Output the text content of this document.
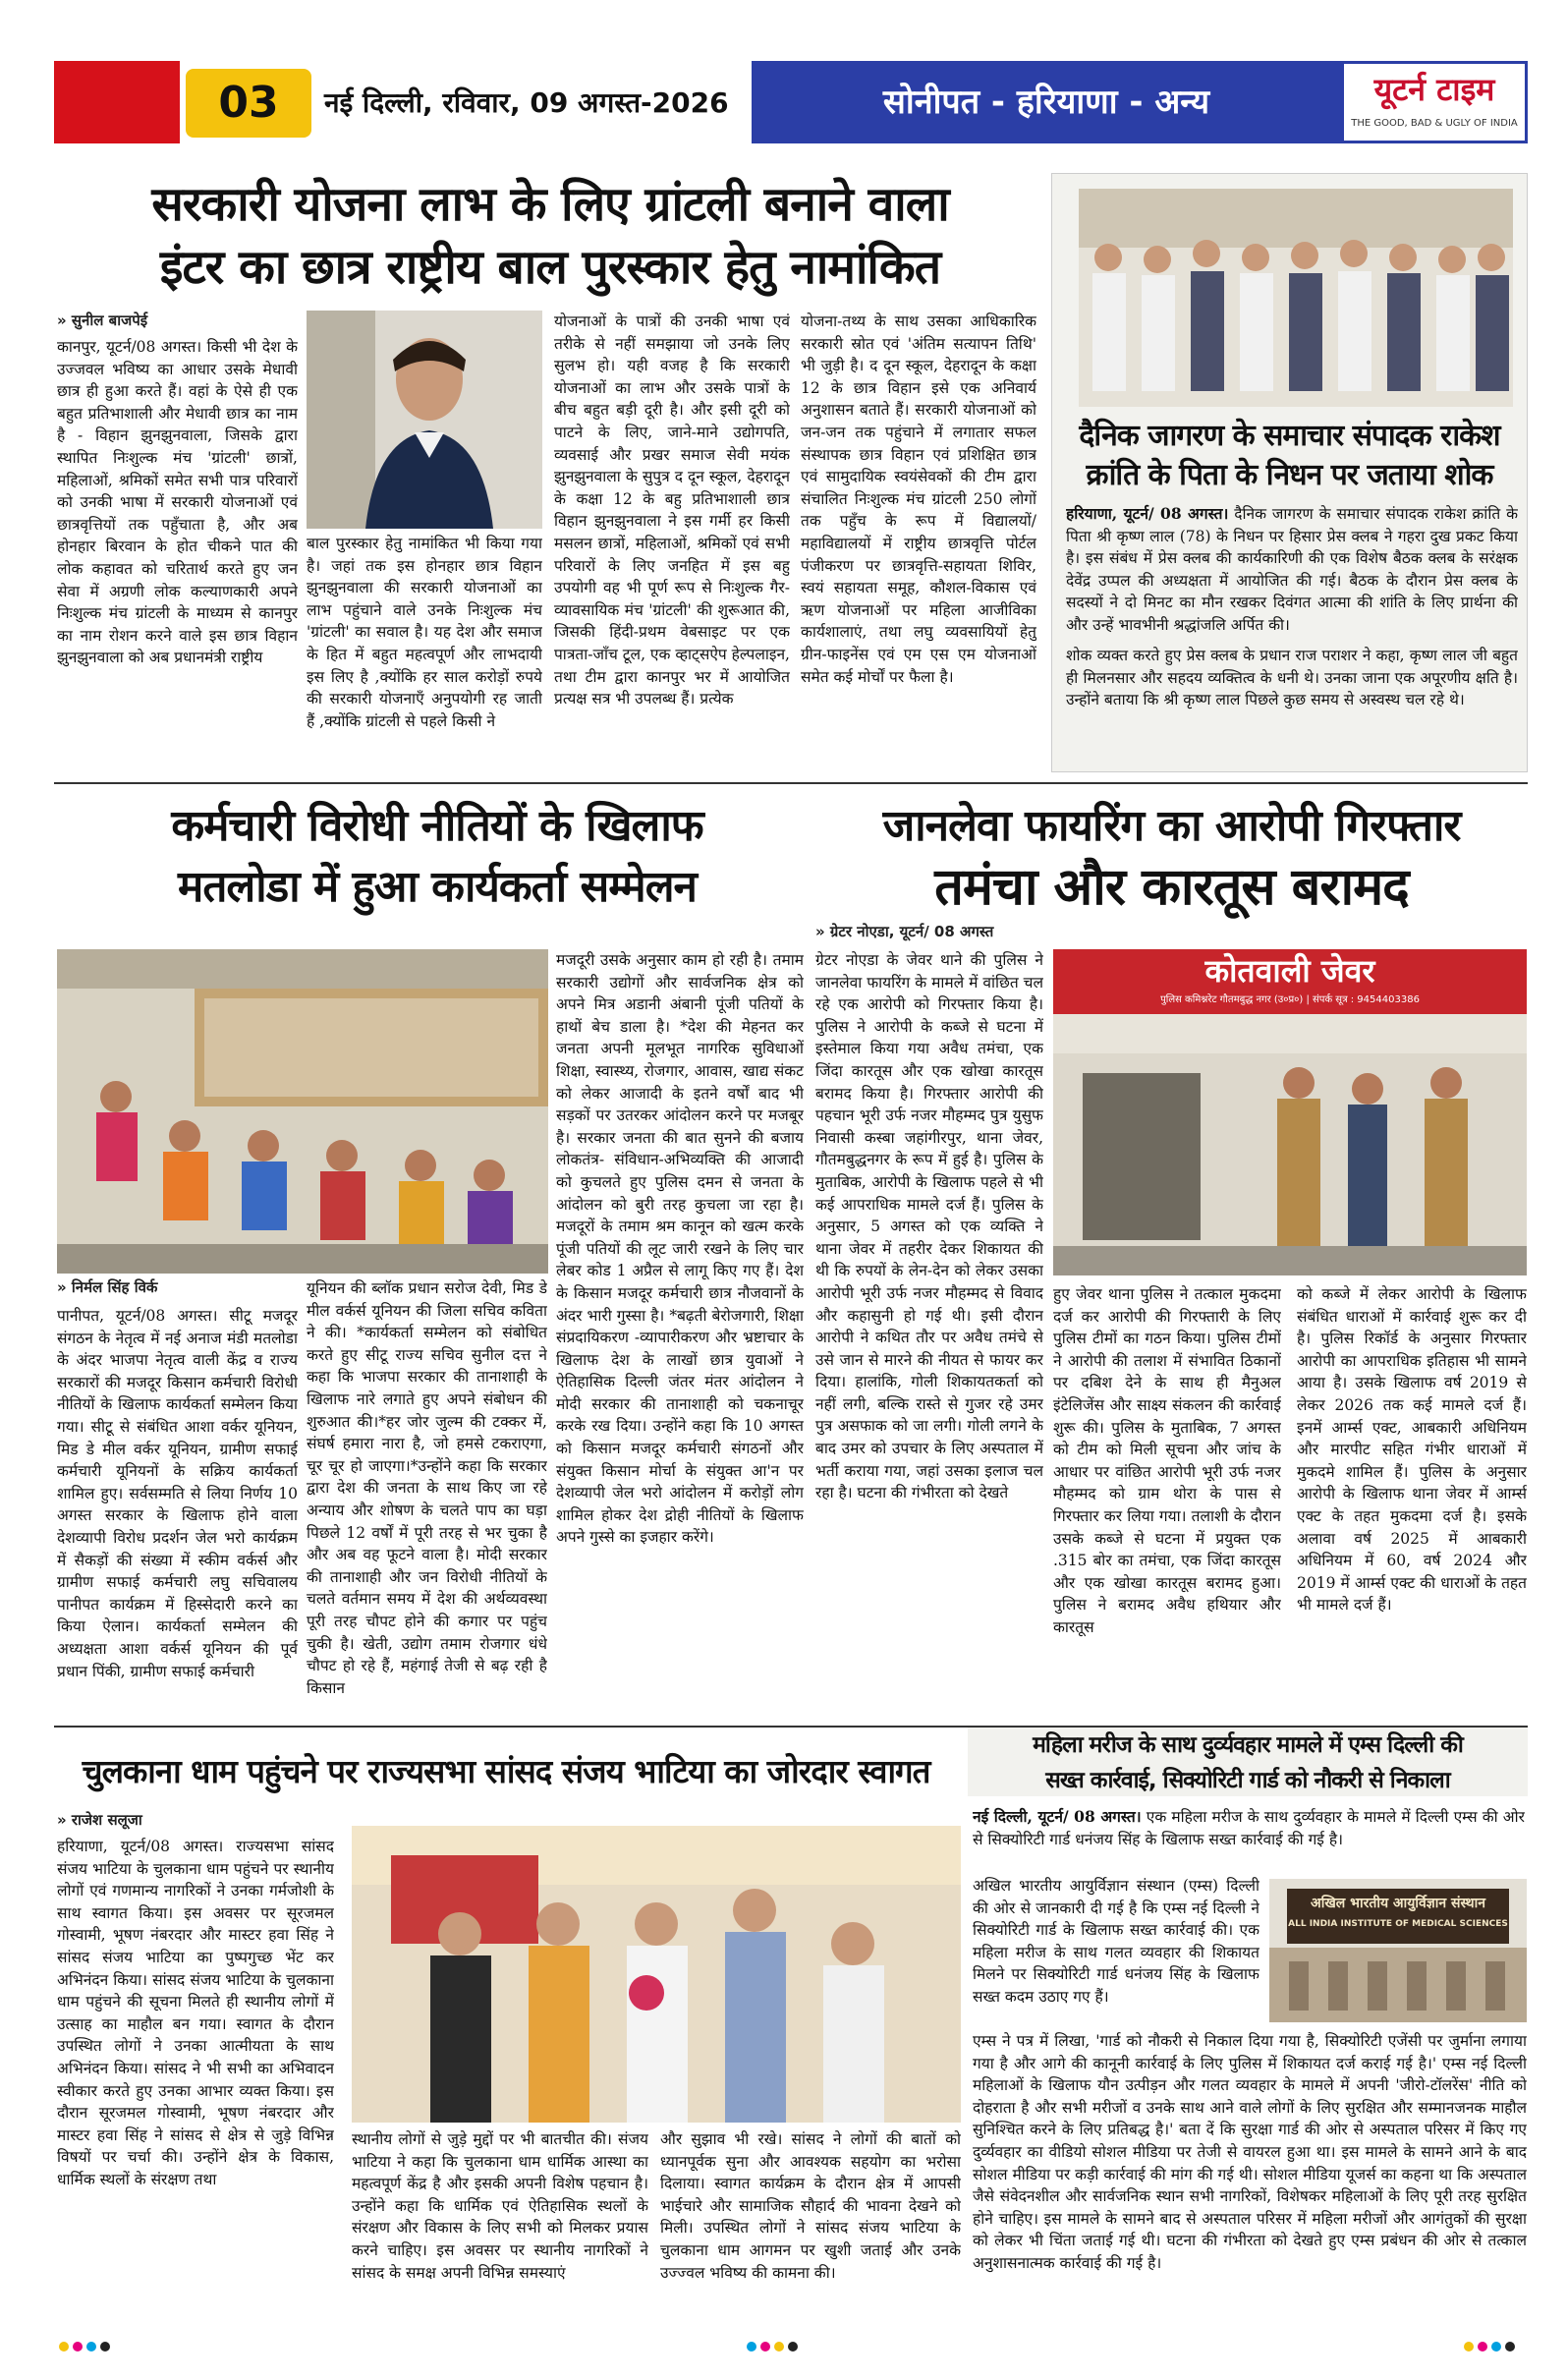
03	नई दिल्ली, रविवार, 09 अगस्त-2026	सोनीपत - हरियाणा - अन्य	यूटर्न टाइम
THE GOOD, BAD & UGLY OF INDIA
सरकारी योजना लाभ के लिए ग्रांटली बनाने वाला
इंटर का छात्र राष्ट्रीय बाल पुरस्कार हेतु नामांकित
» सुनील बाजपेई
कानपुर, यूटर्न/08 अगस्त। किसी भी देश के उज्जवल भविष्य का आधार उसके मेधावी छात्र ही हुआ करते हैं। वहां के ऐसे ही एक बहुत प्रतिभाशाली और मेधावी छात्र का नाम है - विहान झुनझुनवाला, जिसके द्वारा स्थापित निःशुल्क मंच 'ग्रांटली' छात्रों, महिलाओं, श्रमिकों समेत सभी पात्र परिवारों को उनकी भाषा में सरकारी योजनाओं एवं छात्रवृत्तियों तक पहुँचाता है, और अब होनहार बिरवान के होत चीकने पात की लोक कहावत को चरितार्थ करते हुए जन सेवा में अग्रणी लोक कल्याणकारी अपने निःशुल्क मंच ग्रांटली के माध्यम से कानपुर का नाम रोशन करने वाले इस छात्र विहान झुनझुनवाला को अब प्रधानमंत्री राष्ट्रीय
बाल पुरस्कार हेतु नामांकित भी किया गया है। जहां तक इस होनहार छात्र विहान झुनझुनवाला की सरकारी योजनाओं का लाभ पहुंचाने वाले उनके निःशुल्क मंच 'ग्रांटली' का सवाल है। यह देश और समाज के हित में बहुत महत्वपूर्ण और लाभदायी इस लिए है ,क्योंकि हर साल करोड़ों रुपये की सरकारी योजनाएँ अनुपयोगी रह जाती हैं ,क्योंकि ग्रांटली से पहले किसी ने
योजनाओं के पात्रों की उनकी भाषा एवं तरीके से नहीं समझाया जो उनके लिए सुलभ हो। यही वजह है कि सरकारी योजनाओं का लाभ और उसके पात्रों के बीच बहुत बड़ी दूरी है। और इसी दूरी को पाटने के लिए, जाने-माने उद्योगपति, व्यवसाई और प्रखर समाज सेवी मयंक झुनझुनवाला के सुपुत्र द दून स्कूल, देहरादून के कक्षा 12 के बहु प्रतिभाशाली छात्र विहान झुनझुनवाला ने इस गर्मी हर किसी मसलन छात्रों, महिलाओं, श्रमिकों एवं सभी परिवारों के लिए जनहित में इस बहु उपयोगी वह भी पूर्ण रूप से निःशुल्क गैर-व्यावसायिक मंच 'ग्रांटली' की शुरूआत की, जिसकी हिंदी-प्रथम वेबसाइट पर एक पात्रता-जाँच टूल, एक व्हाट्सऐप हेल्पलाइन, तथा टीम द्वारा कानपुर भर में आयोजित प्रत्यक्ष सत्र भी उपलब्ध हैं। प्रत्येक
योजना-तथ्य के साथ उसका आधिकारिक सरकारी स्रोत एवं 'अंतिम सत्यापन तिथि' भी जुड़ी है। द दून स्कूल, देहरादून के कक्षा 12 के छात्र विहान इसे एक अनिवार्य अनुशासन बताते हैं। सरकारी योजनाओं को जन-जन तक पहुंचाने में लगातार सफल संस्थापक छात्र विहान एवं प्रशिक्षित छात्र एवं सामुदायिक स्वयंसेवकों की टीम द्वारा संचालित निःशुल्क मंच ग्रांटली 250 लोगों तक पहुँच के रूप में विद्यालयों/महाविद्यालयों में राष्ट्रीय छात्रवृत्ति पोर्टल पंजीकरण पर छात्रवृत्ति-सहायता शिविर, स्वयं सहायता समूह, कौशल-विकास एवं ऋण योजनाओं पर महिला आजीविका कार्यशालाएं, तथा लघु व्यवसायियों हेतु ग्रीन-फाइनेंस एवं एम एस एम योजनाओं समेत कई मोर्चों पर फैला है।
दैनिक जागरण के समाचार संपादक राकेश
क्रांति के पिता के निधन पर जताया शोक
हरियाणा, यूटर्न/ 08 अगस्त। दैनिक जागरण के समाचार संपादक राकेश क्रांति के पिता श्री कृष्ण लाल (78) के निधन पर हिसार प्रेस क्लब ने गहरा दुख प्रकट किया है। इस संबंध में प्रेस क्लब की कार्यकारिणी की एक विशेष बैठक क्लब के सरंक्षक देवेंद्र उप्पल की अध्यक्षता में आयोजित की गई। बैठक के दौरान प्रेस क्लब के सदस्यों ने दो मिनट का मौन रखकर दिवंगत आत्मा की शांति के लिए प्रार्थना की और उन्हें भावभीनी श्रद्धांजलि अर्पित की।
शोक व्यक्त करते हुए प्रेस क्लब के प्रधान राज पराशर ने कहा, कृष्ण लाल जी बहुत ही मिलनसार और सहदय व्यक्तित्व के धनी थे। उनका जाना एक अपूरणीय क्षति है। उन्होंने बताया कि श्री कृष्ण लाल पिछले कुछ समय से अस्वस्थ चल रहे थे।
कर्मचारी विरोधी नीतियों के खिलाफ
मतलोडा में हुआ कार्यकर्ता सम्मेलन
» निर्मल सिंह विर्क
पानीपत, यूटर्न/08 अगस्त। सीटू मजदूर संगठन के नेतृत्व में नई अनाज मंडी मतलोडा के अंदर भाजपा नेतृत्व वाली केंद्र व राज्य सरकारों की मजदूर किसान कर्मचारी विरोधी नीतियों के खिलाफ कार्यकर्ता सम्मेलन किया गया। सीटू से संबंधित आशा वर्कर यूनियन, मिड डे मील वर्कर यूनियन, ग्रामीण सफाई कर्मचारी यूनियनों के सक्रिय कार्यकर्ता शामिल हुए। सर्वसम्मति से लिया निर्णय 10 अगस्त सरकार के खिलाफ होने वाला देशव्यापी विरोध प्रदर्शन जेल भरो कार्यक्रम में सैकड़ों की संख्या में स्कीम वर्कर्स और ग्रामीण सफाई कर्मचारी लघु सचिवालय पानीपत कार्यक्रम में हिस्सेदारी करने का किया ऐलान। कार्यकर्ता सम्मेलन की अध्यक्षता आशा वर्कर्स यूनियन की पूर्व प्रधान पिंकी, ग्रामीण सफाई कर्मचारी
यूनियन की ब्लॉक प्रधान सरोज देवी, मिड डे मील वर्कर्स यूनियन की जिला सचिव कविता ने की। *कार्यकर्ता सम्मेलन को संबोधित करते हुए सीटू राज्य सचिव सुनील दत्त ने कहा कि भाजपा सरकार की तानाशाही के खिलाफ नारे लगाते हुए अपने संबोधन की शुरुआत की।*हर जोर जुल्म की टक्कर में, संघर्ष हमारा नारा है, जो हमसे टकराएगा, चूर चूर हो जाएगा।*उन्होंने कहा कि सरकार द्वारा देश की जनता के साथ किए जा रहे अन्याय और शोषण के चलते पाप का घड़ा पिछले 12 वर्षों में पूरी तरह से भर चुका है और अब वह फूटने वाला है। मोदी सरकार की तानाशाही और जन विरोधी नीतियों के चलते वर्तमान समय में देश की अर्थव्यवस्था पूरी तरह चौपट होने की कगार पर पहुंच चुकी है। खेती, उद्योग तमाम रोजगार धंधे चौपट हो रहे हैं, महंगाई तेजी से बढ़ रही है किसान
मजदूरी उसके अनुसार काम हो रही है। तमाम सरकारी उद्योगों और सार्वजनिक क्षेत्र को अपने मित्र अडानी अंबानी पूंजी पतियों के हाथों बेच डाला है। *देश की मेहनत कर जनता अपनी मूलभूत नागरिक सुविधाओं शिक्षा, स्वास्थ्य, रोजगार, आवास, खाद्य संकट को लेकर आजादी के इतने वर्षों बाद भी सड़कों पर उतरकर आंदोलन करने पर मजबूर है। सरकार जनता की बात सुनने की बजाय लोकतंत्र- संविधान-अभिव्यक्ति की आजादी को कुचलते हुए पुलिस दमन से जनता के आंदोलन को बुरी तरह कुचला जा रहा है। मजदूरों के तमाम श्रम कानून को खत्म करके पूंजी पतियों की लूट जारी रखने के लिए चार लेबर कोड 1 अप्रैल से लागू किए गए हैं। देश के किसान मजदूर कर्मचारी छात्र नौजवानों के अंदर भारी गुस्सा है। *बढ़ती बेरोजगारी, शिक्षा संप्रदायिकरण -व्यापारीकरण और भ्रष्टाचार के खिलाफ देश के लाखों छात्र युवाओं ने ऐतिहासिक दिल्ली जंतर मंतर आंदोलन ने मोदी सरकार की तानाशाही को चकनाचूर करके रख दिया। उन्होंने कहा कि 10 अगस्त को किसान मजदूर कर्मचारी संगठनों और संयुक्त किसान मोर्चा के संयुक्त आ'न पर देशव्यापी जेल भरो आंदोलन में करोड़ों लोग शामिल होकर देश द्रोही नीतियों के खिलाफ अपने गुस्से का इजहार करेंगे।
जानलेवा फायरिंग का आरोपी गिरफ्तार
तमंचा और कारतूस बरामद
» ग्रेटर नोएडा, यूटर्न/ 08 अगस्त
कोतवाली जेवर
पुलिस कमिश्नरेट गौतमबुद्ध नगर (उ०प्र०) | संपर्क सूत्र : 9454403386
ग्रेटर नोएडा के जेवर थाने की पुलिस ने जानलेवा फायरिंग के मामले में वांछित चल रहे एक आरोपी को गिरफ्तार किया है। पुलिस ने आरोपी के कब्जे से घटना में इस्तेमाल किया गया अवैध तमंचा, एक जिंदा कारतूस और एक खोखा कारतूस बरामद किया है। गिरफ्तार आरोपी की पहचान भूरी उर्फ नजर मौहम्मद पुत्र युसुफ निवासी कस्बा जहांगीरपुर, थाना जेवर, गौतमबुद्धनगर के रूप में हुई है। पुलिस के मुताबिक, आरोपी के खिलाफ पहले से भी कई आपराधिक मामले दर्ज हैं। पुलिस के अनुसार, 5 अगस्त को एक व्यक्ति ने थाना जेवर में तहरीर देकर शिकायत की थी कि रुपयों के लेन-देन को लेकर उसका आरोपी भूरी उर्फ नजर मौहम्मद से विवाद और कहासुनी हो गई थी। इसी दौरान आरोपी ने कथित तौर पर अवैध तमंचे से उसे जान से मारने की नीयत से फायर कर दिया। हालांकि, गोली शिकायतकर्ता को नहीं लगी, बल्कि रास्ते से गुजर रहे उमर पुत्र असफाक को जा लगी। गोली लगने के बाद उमर को उपचार के लिए अस्पताल में भर्ती कराया गया, जहां उसका इलाज चल रहा है। घटना की गंभीरता को देखते
हुए जेवर थाना पुलिस ने तत्काल मुकदमा दर्ज कर आरोपी की गिरफ्तारी के लिए पुलिस टीमों का गठन किया। पुलिस टीमों ने आरोपी की तलाश में संभावित ठिकानों पर दबिश देने के साथ ही मैनुअल इंटेलिजेंस और साक्ष्य संकलन की कार्रवाई शुरू की। पुलिस के मुताबिक, 7 अगस्त को टीम को मिली सूचना और जांच के आधार पर वांछित आरोपी भूरी उर्फ नजर मौहम्मद को ग्राम थोरा के पास से गिरफ्तार कर लिया गया। तलाशी के दौरान उसके कब्जे से घटना में प्रयुक्त एक .315 बोर का तमंचा, एक जिंदा कारतूस और एक खोखा कारतूस बरामद हुआ। पुलिस ने बरामद अवैध हथियार और कारतूस
को कब्जे में लेकर आरोपी के खिलाफ संबंधित धाराओं में कार्रवाई शुरू कर दी है। पुलिस रिकॉर्ड के अनुसार गिरफ्तार आरोपी का आपराधिक इतिहास भी सामने आया है। उसके खिलाफ वर्ष 2019 से लेकर 2026 तक कई मामले दर्ज हैं। इनमें आर्म्स एक्ट, आबकारी अधिनियम और मारपीट सहित गंभीर धाराओं में मुकदमे शामिल हैं। पुलिस के अनुसार आरोपी के खिलाफ थाना जेवर में आर्म्स एक्ट के तहत मुकदमा दर्ज है। इसके अलावा वर्ष 2025 में आबकारी अधिनियम में 60, वर्ष 2024 और 2019 में आर्म्स एक्ट की धाराओं के तहत भी मामले दर्ज हैं।
चुलकाना धाम पहुंचने पर राज्यसभा सांसद संजय भाटिया का जोरदार स्वागत
» राजेश सलूजा
हरियाणा, यूटर्न/08 अगस्त। राज्यसभा सांसद संजय भाटिया के चुलकाना धाम पहुंचने पर स्थानीय लोगों एवं गणमान्य नागरिकों ने उनका गर्मजोशी के साथ स्वागत किया। इस अवसर पर सूरजमल गोस्वामी, भूषण नंबरदार और मास्टर हवा सिंह ने सांसद संजय भाटिया का पुष्पगुच्छ भेंट कर अभिनंदन किया। सांसद संजय भाटिया के चुलकाना धाम पहुंचने की सूचना मिलते ही स्थानीय लोगों में उत्साह का माहौल बन गया। स्वागत के दौरान उपस्थित लोगों ने उनका आत्मीयता के साथ अभिनंदन किया। सांसद ने भी सभी का अभिवादन स्वीकार करते हुए उनका आभार व्यक्त किया। इस दौरान सूरजमल गोस्वामी, भूषण नंबरदार और मास्टर हवा सिंह ने सांसद से क्षेत्र से जुड़े विभिन्न विषयों पर चर्चा की। उन्होंने क्षेत्र के विकास, धार्मिक स्थलों के संरक्षण तथा
स्थानीय लोगों से जुड़े मुद्दों पर भी बातचीत की। संजय भाटिया ने कहा कि चुलकाना धाम धार्मिक आस्था का महत्वपूर्ण केंद्र है और इसकी अपनी विशेष पहचान है। उन्होंने कहा कि धार्मिक एवं ऐतिहासिक स्थलों के संरक्षण और विकास के लिए सभी को मिलकर प्रयास करने चाहिए। इस अवसर पर स्थानीय नागरिकों ने सांसद के समक्ष अपनी विभिन्न समस्याएं
और सुझाव भी रखे। सांसद ने लोगों की बातों को ध्यानपूर्वक सुना और आवश्यक सहयोग का भरोसा दिलाया। स्वागत कार्यक्रम के दौरान क्षेत्र में आपसी भाईचारे और सामाजिक सौहार्द की भावना देखने को मिली। उपस्थित लोगों ने सांसद संजय भाटिया के चुलकाना धाम आगमन पर खुशी जताई और उनके उज्ज्वल भविष्य की कामना की।
महिला मरीज के साथ दुर्व्यवहार मामले में एम्स दिल्ली की
सख्त कार्रवाई, सिक्योरिटी गार्ड को नौकरी से निकाला
नई दिल्ली, यूटर्न/ 08 अगस्त। एक महिला मरीज के साथ दुर्व्यवहार के मामले में दिल्ली एम्स की ओर से सिक्योरिटी गार्ड धनंजय सिंह के खिलाफ सख्त कार्रवाई की गई है।
अखिल भारतीय आयुर्विज्ञान संस्थान (एम्स) दिल्ली की ओर से जानकारी दी गई है कि एम्स नई दिल्ली ने सिक्योरिटी गार्ड के खिलाफ सख्त कार्रवाई की। एक महिला मरीज के साथ गलत व्यवहार की शिकायत मिलने पर सिक्योरिटी गार्ड धनंजय सिंह के खिलाफ सख्त कदम उठाए गए हैं।
अखिल भारतीय आयुर्विज्ञान संस्थान
ALL INDIA INSTITUTE OF MEDICAL SCIENCES
एम्स ने पत्र में लिखा, 'गार्ड को नौकरी से निकाल दिया गया है, सिक्योरिटी एजेंसी पर जुर्माना लगाया गया है और आगे की कानूनी कार्रवाई के लिए पुलिस में शिकायत दर्ज कराई गई है।' एम्स नई दिल्ली महिलाओं के खिलाफ यौन उत्पीड़न और गलत व्यवहार के मामले में अपनी 'जीरो-टॉलरेंस' नीति को दोहराता है और सभी मरीजों व उनके साथ आने वाले लोगों के लिए सुरक्षित और सम्मानजनक माहौल सुनिश्चित करने के लिए प्रतिबद्ध है।' बता दें कि सुरक्षा गार्ड की ओर से अस्पताल परिसर में किए गए दुर्व्यवहार का वीडियो सोशल मीडिया पर तेजी से वायरल हुआ था। इस मामले के सामने आने के बाद सोशल मीडिया पर कड़ी कार्रवाई की मांग की गई थी। सोशल मीडिया यूजर्स का कहना था कि अस्पताल जैसे संवेदनशील और सार्वजनिक स्थान सभी नागरिकों, विशेषकर महिलाओं के लिए पूरी तरह सुरक्षित होने चाहिए। इस मामले के सामने बाद से अस्पताल परिसर में महिला मरीजों और आगंतुकों की सुरक्षा को लेकर भी चिंता जताई गई थी। घटना की गंभीरता को देखते हुए एम्स प्रबंधन की ओर से तत्काल अनुशासनात्मक कार्रवाई की गई है।
